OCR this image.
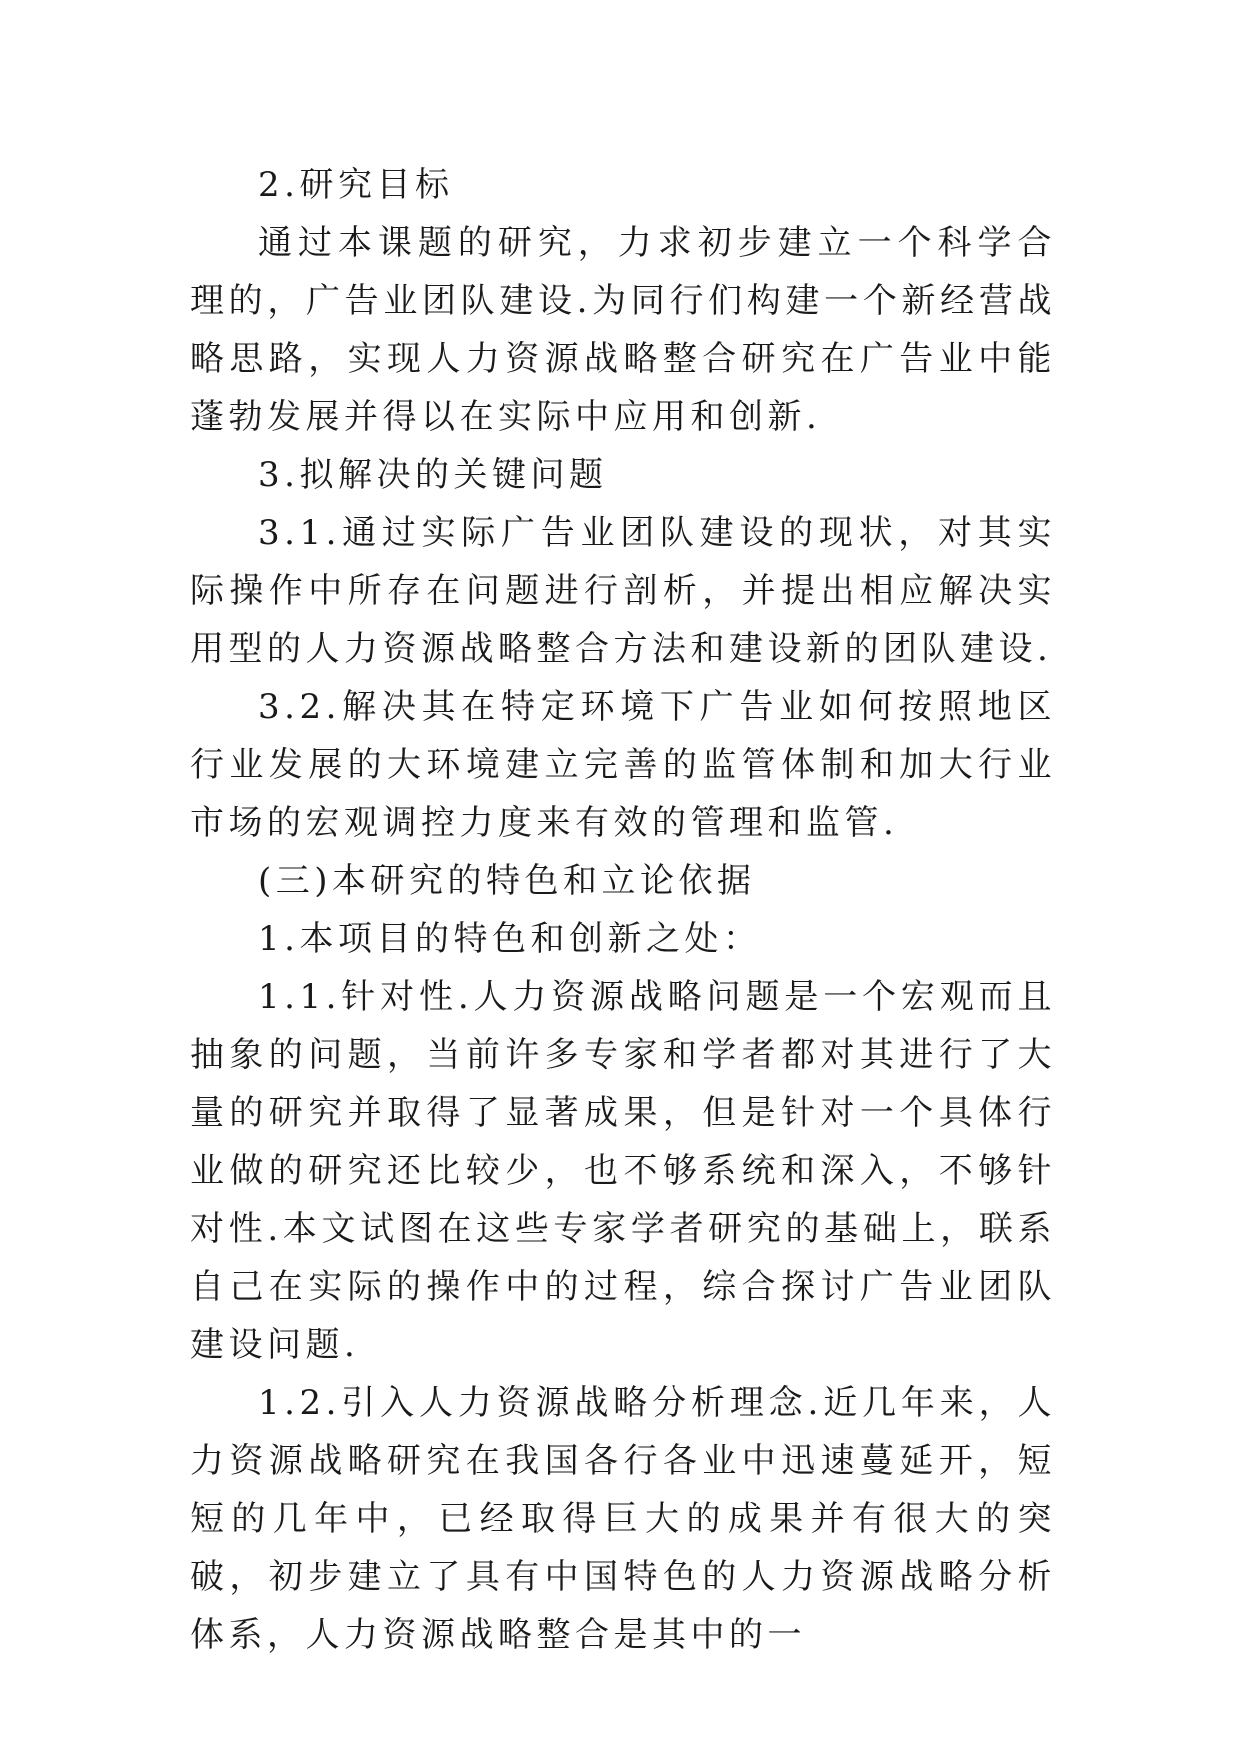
2.研究目标

通过本课题的研究，力求初步建立一个科学合理的，广告业团队建设.为同行们构建一个新经营战略思路，实现人力资源战略整合研究在广告业中能蓬勃发展并得以在实际中应用和创新.

3.拟解决的关键问题

3.1.通过实际广告业团队建设的现状，对其实际操作中所存在问题进行剖析，并提出相应解决实用型的人力资源战略整合方法和建设新的团队建设.

3.2.解决其在特定环境下广告业如何按照地区行业发展的大环境建立完善的监管体制和加大行业市场的宏观调控力度来有效的管理和监管.

(三)本研究的特色和立论依据

1.本项目的特色和创新之处：

1.1.针对性.人力资源战略问题是一个宏观而且抽象的问题，当前许多专家和学者都对其进行了大量的研究并取得了显著成果，但是针对一个具体行业做的研究还比较少，也不够系统和深入，不够针对性.本文试图在这些专家学者研究的基础上，联系自己在实际的操作中的过程，综合探讨广告业团队建设问题.

1.2.引入人力资源战略分析理念.近几年来，人力资源战略研究在我国各行各业中迅速蔓延开，短短的几年中，已经取得巨大的成果并有很大的突破，初步建立了具有中国特色的人力资源战略分析体系，人力资源战略整合是其中的一
